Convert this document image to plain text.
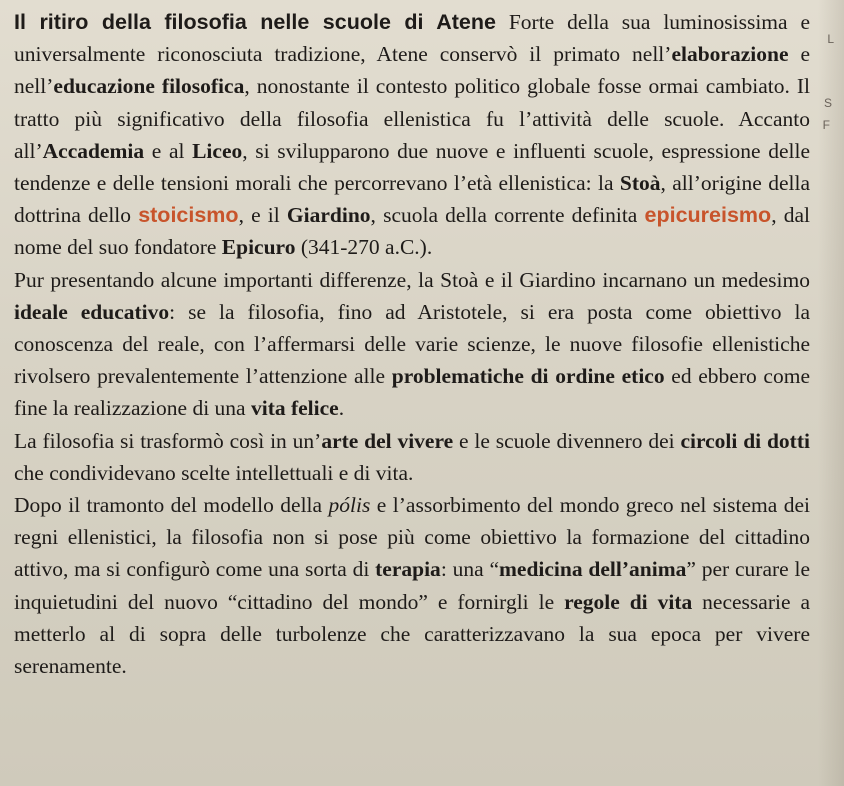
L
S
F

Il ritiro della filosofia nelle scuole di Atene Forte della sua luminosissima e universalmente riconosciuta tradizione, Atene conservò il primato nell’elaborazione e nell’educazione filosofica, nonostante il contesto politico globale fosse ormai cambiato. Il tratto più significativo della filosofia ellenistica fu l’attività delle scuole. Accanto all’Accademia e al Liceo, si svilupparono due nuove e influenti scuole, espressione delle tendenze e delle tensioni morali che percorrevano l’età ellenistica: la Stoà, all’origine della dottrina dello stoicismo, e il Giardino, scuola della corrente definita epicureismo, dal nome del suo fondatore Epicuro (341-270 a.C.).

Pur presentando alcune importanti differenze, la Stoà e il Giardino incarnano un medesimo ideale educativo: se la filosofia, fino ad Aristotele, si era posta come obiettivo la conoscenza del reale, con l’affermarsi delle varie scienze, le nuove filosofie ellenistiche rivolsero prevalentemente l’attenzione alle problematiche di ordine etico ed ebbero come fine la realizzazione di una vita felice.

La filosofia si trasformò così in un’arte del vivere e le scuole divennero dei circoli di dotti che condividevano scelte intellettuali e di vita.

Dopo il tramonto del modello della pólis e l’assorbimento del mondo greco nel sistema dei regni ellenistici, la filosofia non si pose più come obiettivo la formazione del cittadino attivo, ma si configurò come una sorta di terapia: una “medicina dell’anima” per curare le inquietudini del nuovo “cittadino del mondo” e fornirgli le regole di vita necessarie a metterlo al di sopra delle turbolenze che caratterizzavano la sua epoca per vivere serenamente.
